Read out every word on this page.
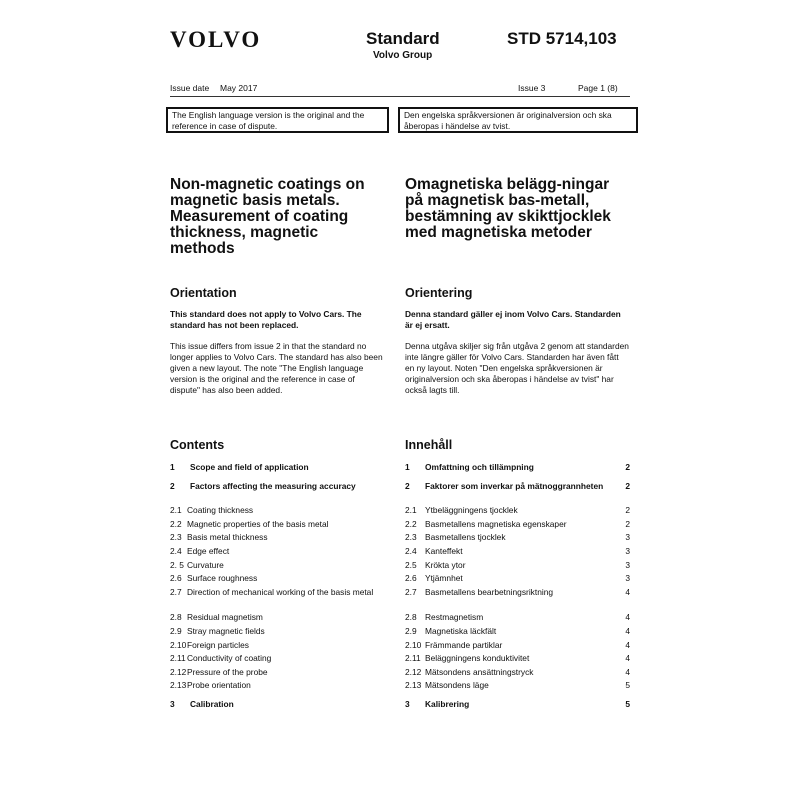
VOLVO	Standard
Volvo Group
STD 5714,103
Issue date May 2017	Issue 3	Page 1 (8)
The English language version is the original and the reference in case of dispute.
Den engelska språkversionen är originalversion och ska åberopas i händelse av tvist.
Non-magnetic coatings on magnetic basis metals. Measurement of coating thickness, magnetic methods
Omagnetiska belägg-ningar på magnetisk bas-metall, bestämning av skikttjocklek med magnetiska metoder
Orientation
This standard does not apply to Volvo Cars. The standard has not been replaced.
This issue differs from issue 2 in that the standard no longer applies to Volvo Cars. The standard has also been given a new layout. The note "The English language version is the original and the reference in case of dispute" has also been added.
Orientering
Denna standard gäller ej inom Volvo Cars. Standarden är ej ersatt.
Denna utgåva skiljer sig från utgåva 2 genom att standarden inte längre gäller för Volvo Cars. Standarden har även fått en ny layout. Noten "Den engelska språkversionen är originalversion och ska åberopas i händelse av tvist" har också lagts till.
Contents	Innehåll
1 Scope and field of application
2 Factors affecting the measuring accuracy
2.1 Coating thickness
2.2 Magnetic properties of the basis metal
2.3 Basis metal thickness
2.4 Edge effect
2. 5 Curvature
2.6 Surface roughness
2.7 Direction of mechanical working of the basis metal
2.8 Residual magnetism
2.9 Stray magnetic fields
2.10 Foreign particles
2.11 Conductivity of coating
2.12 Pressure of the probe
2.13 Probe orientation
3 Calibration
1 Omfattning och tillämpning	2
2 Faktorer som inverkar på mätnoggrannheten	2
2.1 Ytbeläggningens tjocklek	2
2.2 Basmetallens magnetiska egenskaper	2
2.3 Basmetallens tjocklek	3
2.4 Kanteffekt	3
2.5 Krökta ytor	3
2.6 Ytjämnhet	3
2.7 Basmetallens bearbetningsriktning	4
2.8 Restmagnetism	4
2.9 Magnetiska läckfält	4
2.10 Främmande partiklar	4
2.11 Beläggningens konduktivitet	4
2.12 Mätsondens ansättningstryck	4
2.13 Mätsondens läge	5
3 Kalibrering	5
